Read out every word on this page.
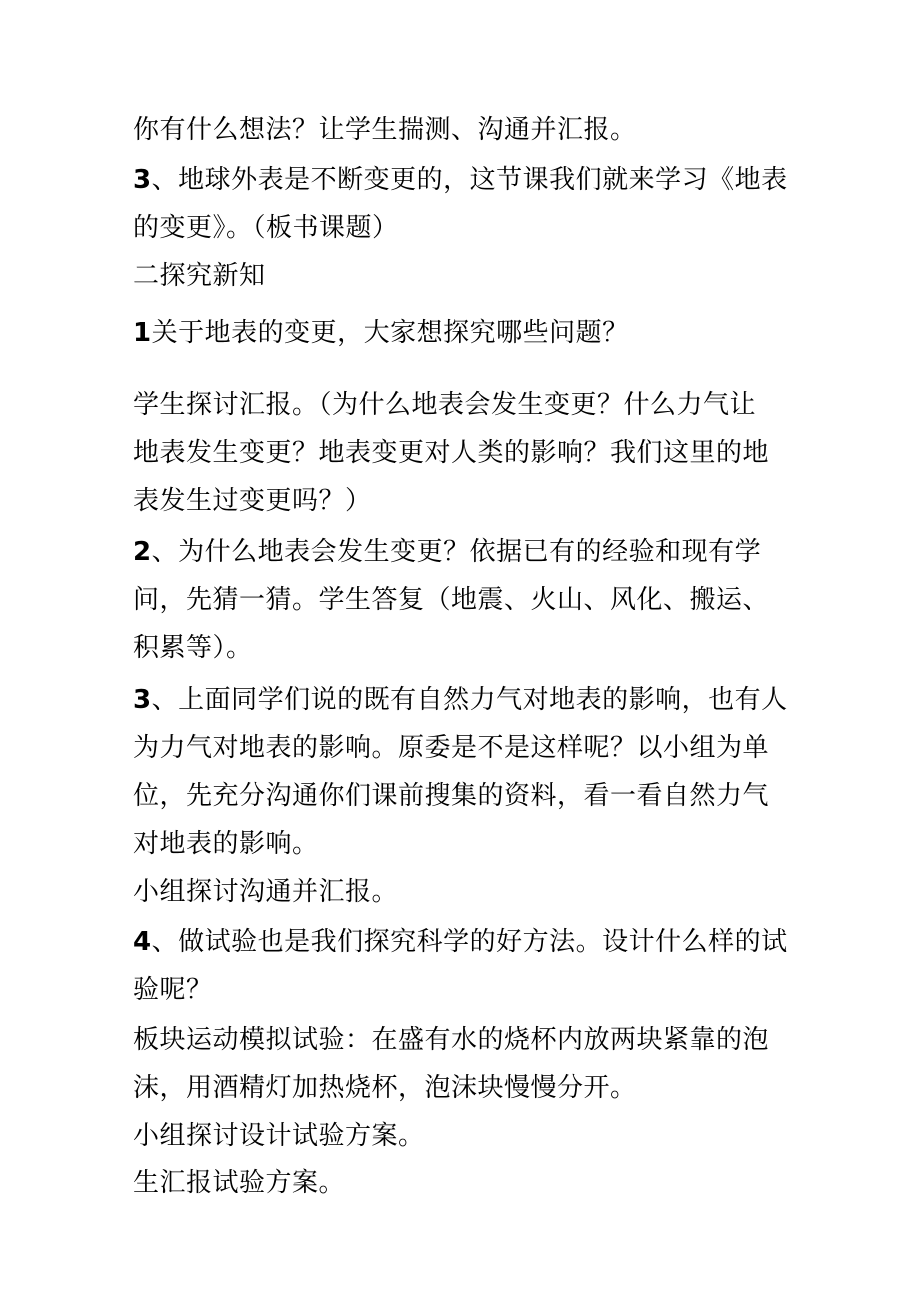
你有什么想法？让学生揣测、沟通并汇报。
3、地球外表是不断变更的，这节课我们就来学习《地表
的变更》。（板书课题）
二探究新知
1关于地表的变更，大家想探究哪些问题？
学生探讨汇报。（为什么地表会发生变更？什么力气让
地表发生变更？地表变更对人类的影响？我们这里的地
表发生过变更吗？）
2、为什么地表会发生变更？依据已有的经验和现有学
问，先猜一猜。学生答复（地震、火山、风化、搬运、
积累等）。
3、上面同学们说的既有自然力气对地表的影响，也有人
为力气对地表的影响。原委是不是这样呢？以小组为单
位，先充分沟通你们课前搜集的资料，看一看自然力气
对地表的影响。
小组探讨沟通并汇报。
4、做试验也是我们探究科学的好方法。设计什么样的试
验呢？
板块运动模拟试验：在盛有水的烧杯内放两块紧靠的泡
沫，用酒精灯加热烧杯，泡沫块慢慢分开。
小组探讨设计试验方案。
生汇报试验方案。
